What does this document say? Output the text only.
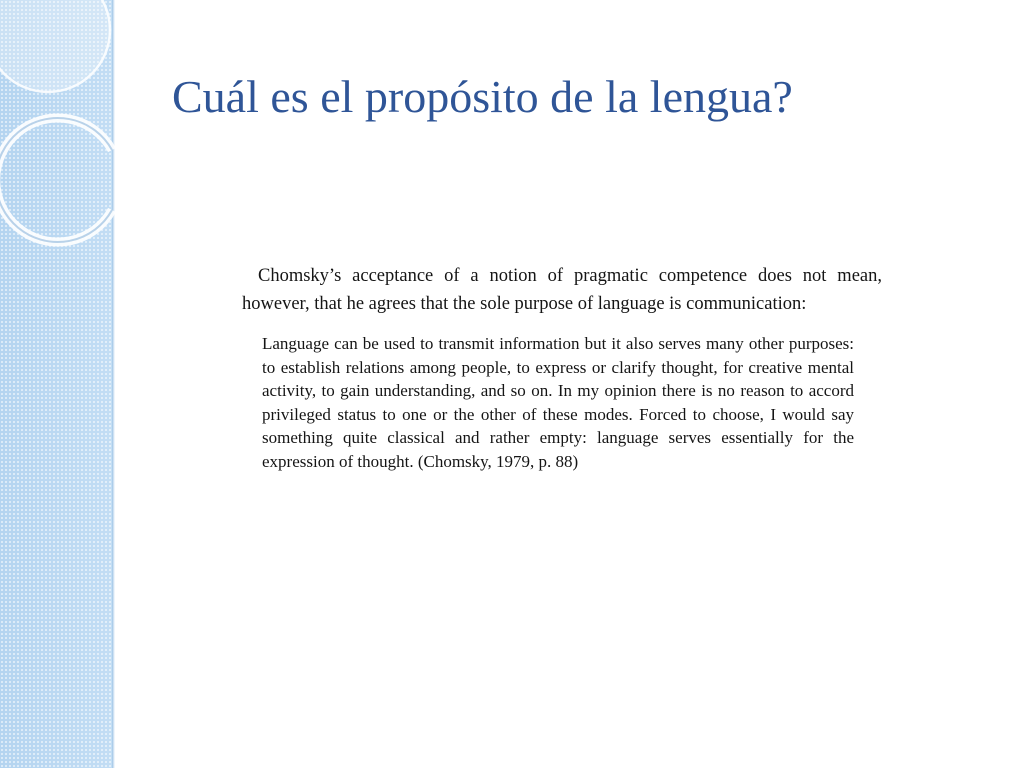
Cuál es el propósito de la lengua?

Chomsky’s acceptance of a notion of pragmatic competence does not mean, however, that he agrees that the sole purpose of language is communication:

Language can be used to transmit information but it also serves many other purposes: to establish relations among people, to express or clarify thought, for creative mental activity, to gain understanding, and so on. In my opinion there is no reason to accord privileged status to one or the other of these modes. Forced to choose, I would say something quite classical and rather empty: language serves essentially for the expression of thought. (Chomsky, 1979, p. 88)
